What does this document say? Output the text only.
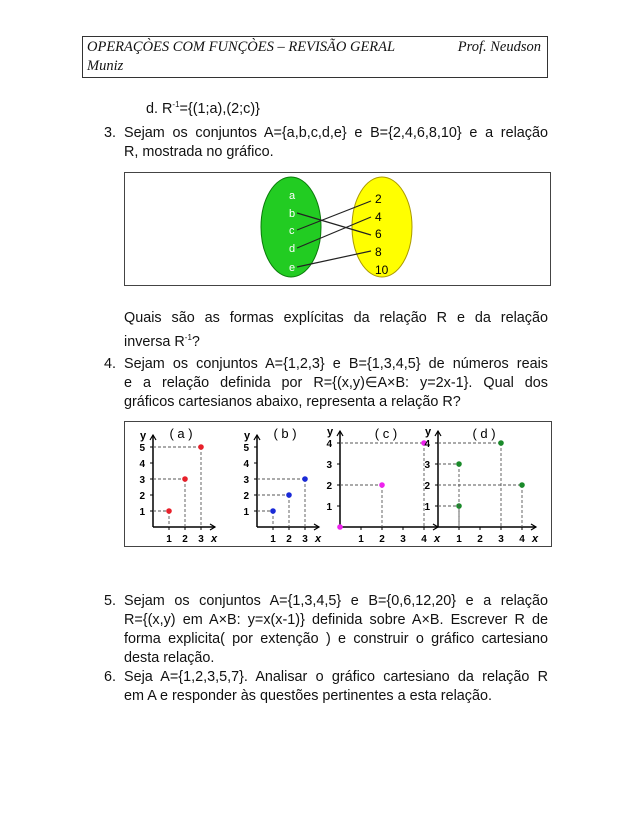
OPERAÇÒES COM FUNÇÒES – REVISÃO GERAL	Prof. Neudson
Muniz
d. $R^{-1}=\{(1;a),(2;c)\}$
3. Sejam os conjuntos A={a,b,c,d,e} e B={2,4,6,8,10} e a relação
R, mostrada no gráfico.
a
b
c
d
e
2
4
6
8
10
Quais são as formas explícitas da relação R e da relação
inversa $R^{-1}$?
4. Sejam os conjuntos A={1,2,3} e B={1,3,4,5} de números reais
e a relação definida por R={(x,y)∈A×B: y=2x-1}. Qual dos
gráficos cartesianos abaixo, representa a relação R?
y
x
( a )
1
2
3
4
5
1 2 3
y
x
( b )
1
2
3
4
5
1 2 3
y
x
( c )
1
2
3
4
1 2 3 4
y
x
( d )
1
2
3
4
1 2 3 4
5. Sejam os conjuntos A={1,3,4,5} e B={0,6,12,20} e a relação
R={(x,y) em A×B: y=x(x-1)} definida sobre A×B. Escrever R de
forma explicita( por extenção ) e construir o gráfico cartesiano
desta relação.
6. Seja A={1,2,3,5,7}. Analisar o gráfico cartesiano da relação R
em A e responder às questões pertinentes a esta relação.
